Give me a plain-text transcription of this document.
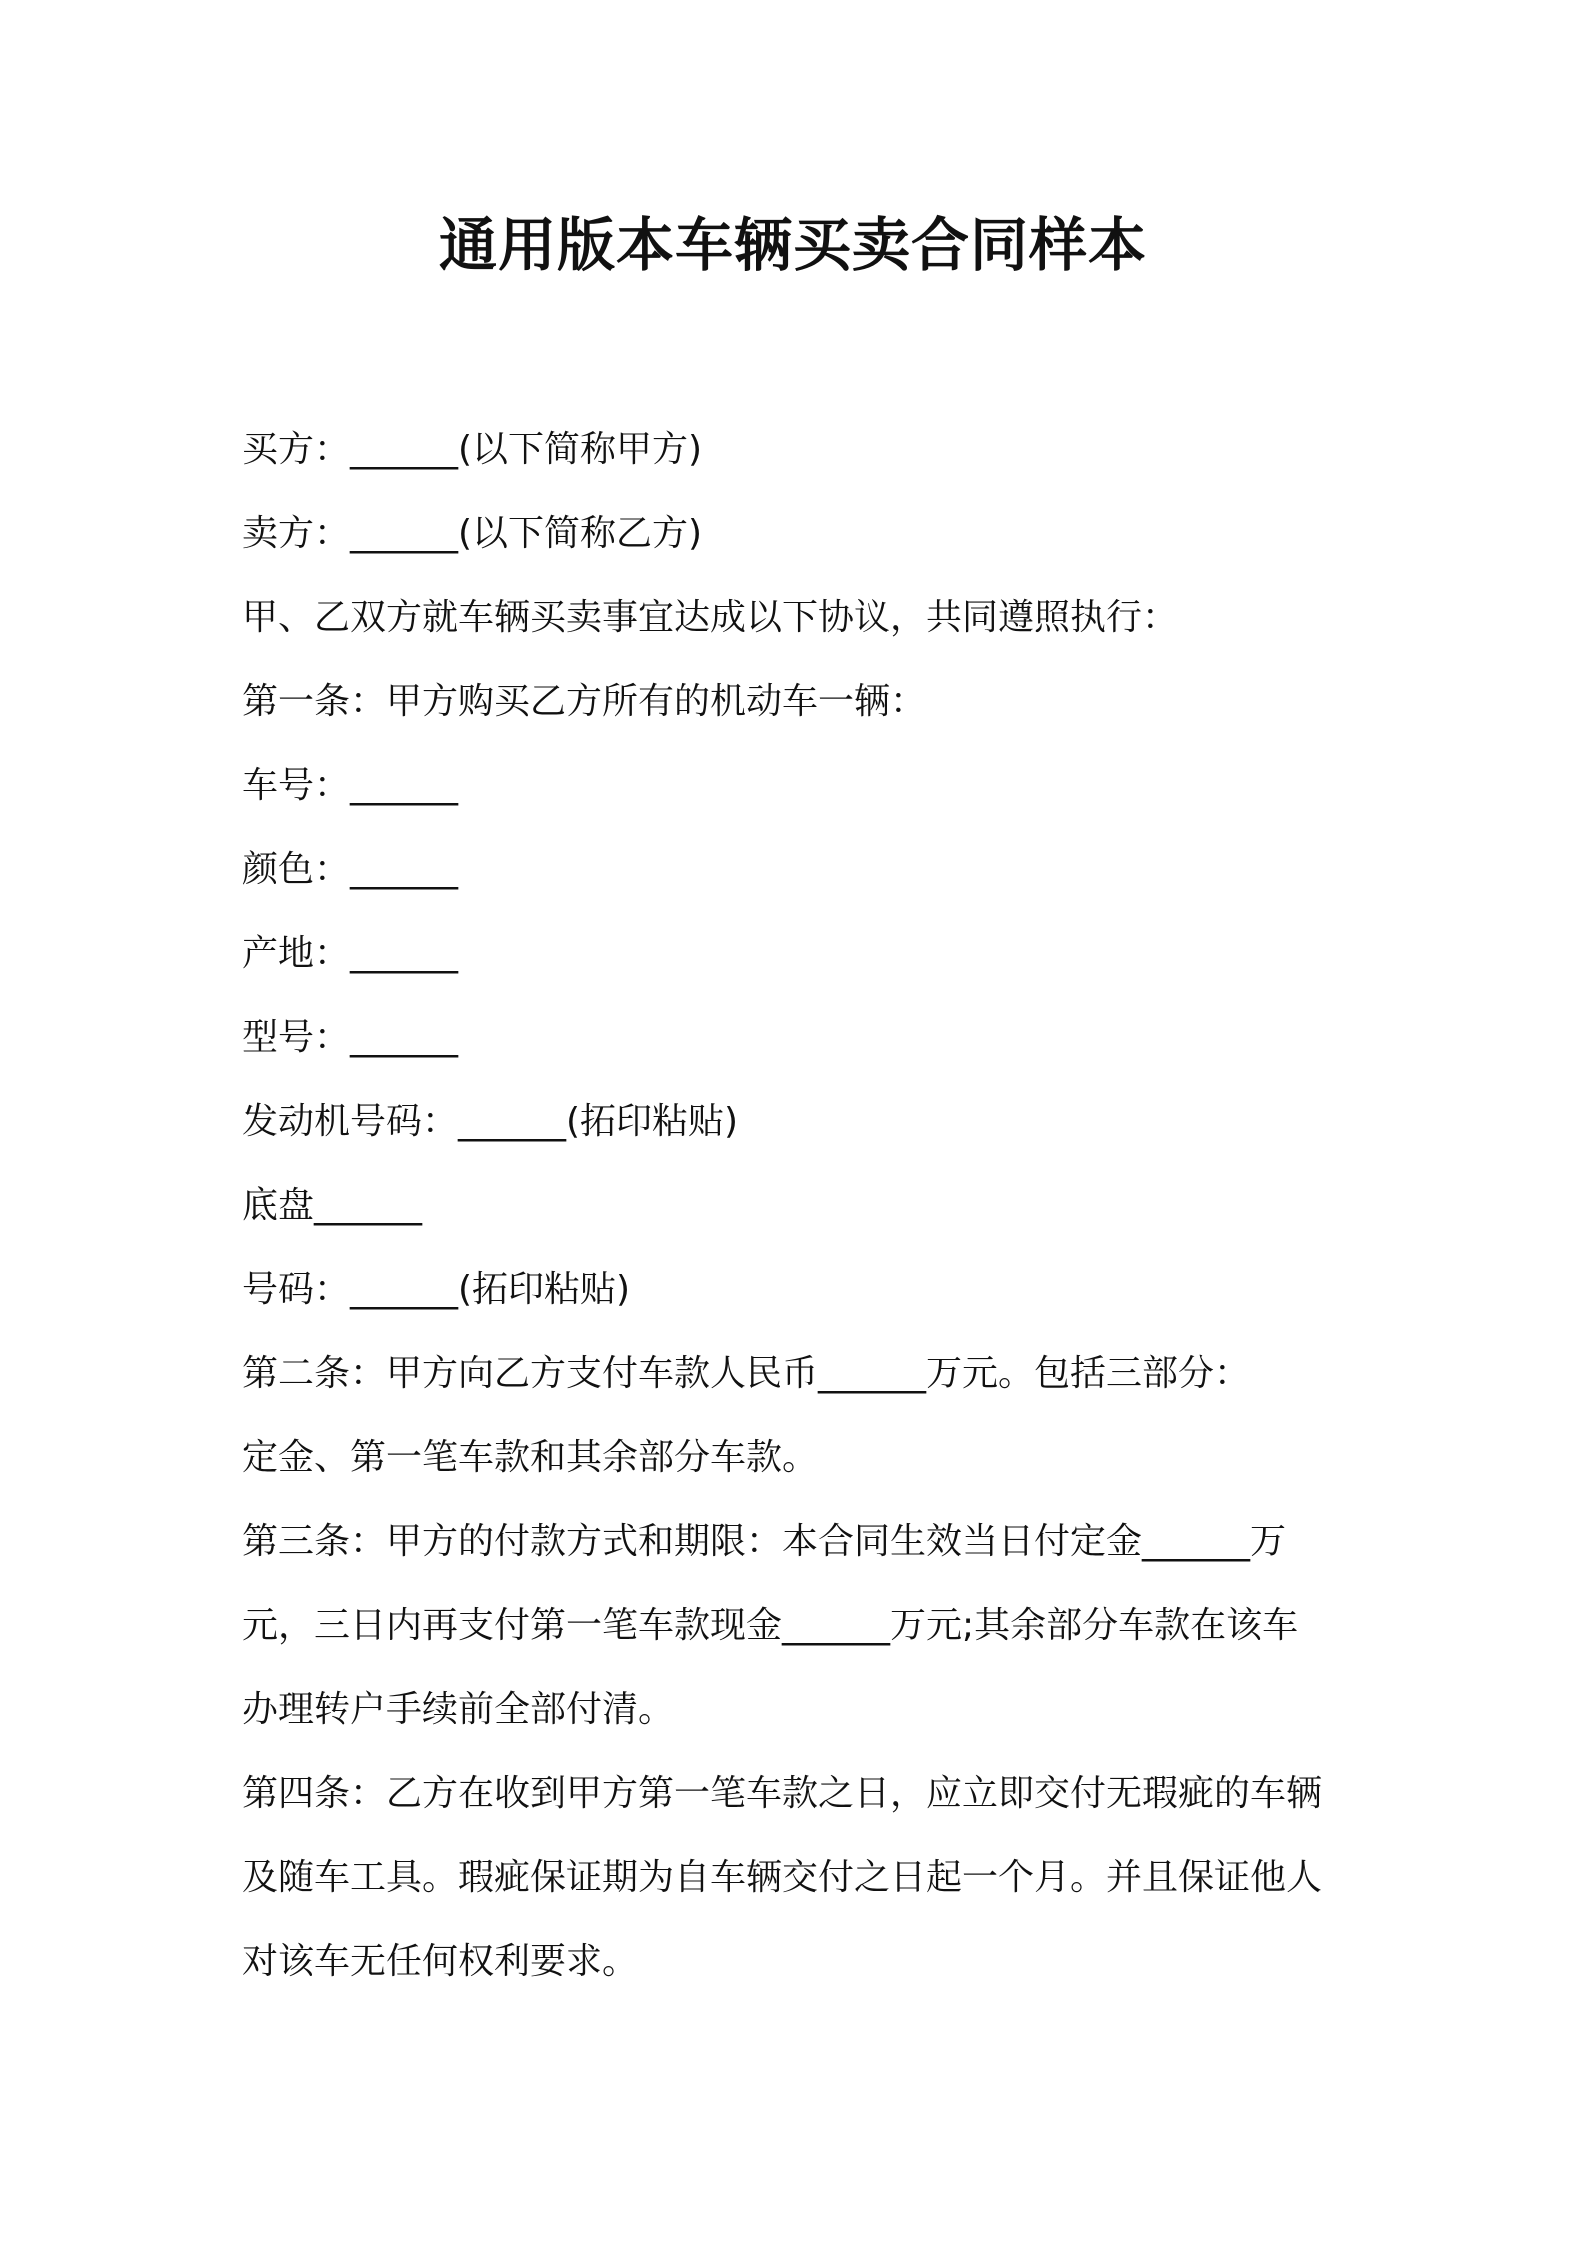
通用版本车辆买卖合同样本

买方：______(以下简称甲方)

卖方：______(以下简称乙方)

甲、乙双方就车辆买卖事宜达成以下协议，共同遵照执行：

第一条：甲方购买乙方所有的机动车一辆：

车号：______

颜色：______

产地：______

型号：______

发动机号码：______(拓印粘贴)

底盘______

号码：______(拓印粘贴)

第二条：甲方向乙方支付车款人民币______万元。包括三部分：

定金、第一笔车款和其余部分车款。

第三条：甲方的付款方式和期限：本合同生效当日付定金______万

元，三日内再支付第一笔车款现金______万元;其余部分车款在该车

办理转户手续前全部付清。

第四条：乙方在收到甲方第一笔车款之日，应立即交付无瑕疵的车辆

及随车工具。瑕疵保证期为自车辆交付之日起一个月。并且保证他人

对该车无任何权利要求。
